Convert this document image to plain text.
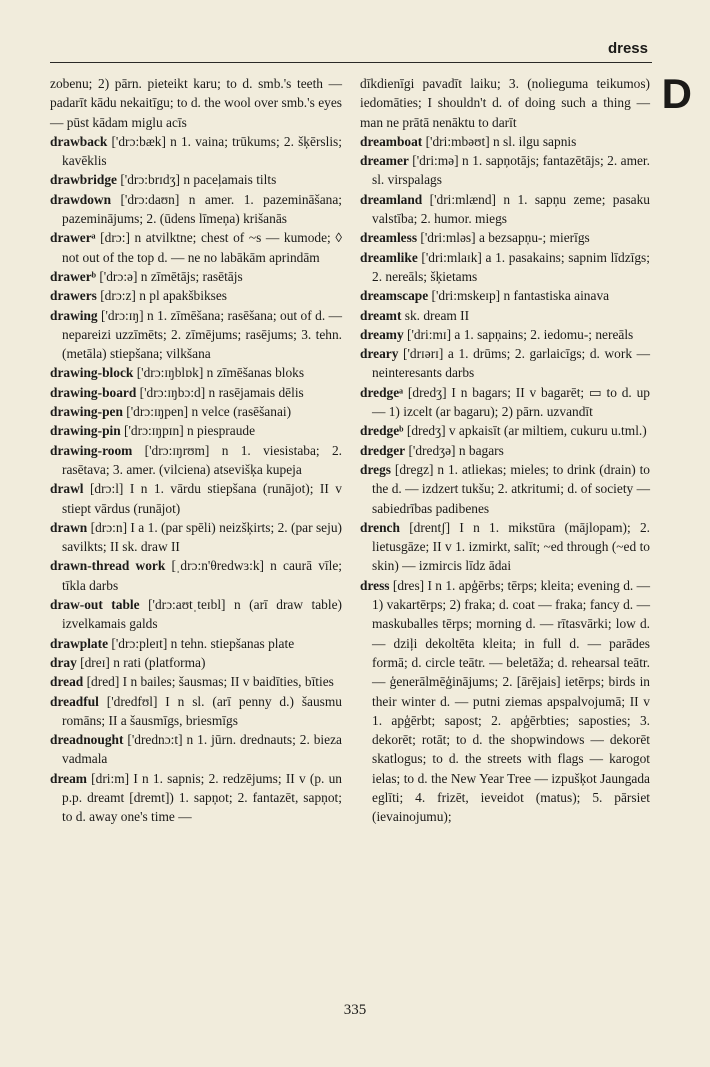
dress
D

zobenu; 2) pārn. pieteikt karu; to d. smb.'s teeth — padarīt kādu nekaitīgu; to d. the wool over smb.'s eyes — pūst kādam miglu acīs

drawback ['drɔ:bæk] n 1. vaina; trūkums; 2. šķērslis; kavēklis

drawbridge ['drɔ:brɪdʒ] n paceļamais tilts

drawdown ['drɔ:daʊn] n amer. 1. pazemināšana; pazeminājums; 2. (ūdens līmeņa) krišanās

drawerᵃ [drɔ:] n atvilktne; chest of ~s — kumode; ◊ not out of the top d. — ne no labākām aprindām

drawerᵇ ['drɔ:ə] n zīmētājs; rasētājs

drawers [drɔ:z] n pl apakšbikses

drawing ['drɔ:ɪŋ] n 1. zīmēšana; rasēšana; out of d. — nepareizi uzzīmēts; 2. zīmējums; rasējums; 3. tehn. (metāla) stiepšana; vilkšana

drawing-block ['drɔ:ɪŋblɒk] n zīmēšanas bloks

drawing-board ['drɔ:ɪŋbɔ:d] n rasējamais dēlis

drawing-pen ['drɔ:ɪŋpen] n velce (rasēšanai)

drawing-pin ['drɔ:ɪŋpɪn] n piespraude

drawing-room ['drɔ:ɪŋrʊm] n 1. viesistaba; 2. rasētava; 3. amer. (vilciena) atsevišķa kupeja

drawl [drɔ:l] I n 1. vārdu stiepšana (runājot); II v stiept vārdus (runājot)

drawn [drɔ:n] I a 1. (par spēli) neizšķirts; 2. (par seju) savilkts; II sk. draw II

drawn-thread work [ˌdrɔ:n'θredwɜ:k] n caurā vīle; tīkla darbs

draw-out table ['drɔ:aʊtˌteɪbl] n (arī draw table) izvelkamais galds

drawplate ['drɔ:pleɪt] n tehn. stiepšanas plate

dray [dreɪ] n rati (platforma)

dread [dred] I n bailes; šausmas; II v baidīties, bīties

dreadful ['dredfʊl] I n sl. (arī penny d.) šausmu romāns; II a šausmīgs, briesmīgs

dreadnought ['drednɔ:t] n 1. jūrn. drednauts; 2. bieza vadmala

dream [dri:m] I n 1. sapnis; 2. redzējums; II v (p. un p.p. dreamt [dremt]) 1. sapņot; 2. fantazēt, sapņot; to d. away one's time —

dīkdienīgi pavadīt laiku; 3. (nolieguma teikumos) iedomāties; I shouldn't d. of doing such a thing — man ne prātā nenāktu to darīt

dreamboat ['dri:mbəʊt] n sl. ilgu sapnis

dreamer ['dri:mə] n 1. sapņotājs; fantazētājs; 2. amer. sl. virspalags

dreamland ['dri:mlænd] n 1. sapņu zeme; pasaku valstība; 2. humor. miegs

dreamless ['dri:mləs] a bezsapņu-; mierīgs

dreamlike ['dri:mlaɪk] a 1. pasakains; sapnim līdzīgs; 2. nereāls; šķietams

dreamscape ['dri:mskeɪp] n fantastiska ainava

dreamt sk. dream II

dreamy ['dri:mɪ] a 1. sapņains; 2. iedomu-; nereāls

dreary ['drɪərɪ] a 1. drūms; 2. garlaicīgs; d. work — neinteresants darbs

dredgeᵃ [dredʒ] I n bagars; II v bagarēt; ▭ to d. up — 1) izcelt (ar bagaru); 2) pārn. uzvandīt

dredgeᵇ [dredʒ] v apkaisīt (ar miltiem, cukuru u.tml.)

dredger ['dredʒə] n bagars

dregs [dregz] n 1. atliekas; mieles; to drink (drain) to the d. — izdzert tukšu; 2. atkritumi; d. of society — sabiedrības padibenes

drench [drentʃ] I n 1. mikstūra (mājlopam); 2. lietusgāze; II v 1. izmirkt, salīt; ~ed through (~ed to skin) — izmircis līdz ādai

dress [dres] I n 1. apģērbs; tērps; kleita; evening d. — 1) vakartērps; 2) fraka; d. coat — fraka; fancy d. — maskuballes tērps; morning d. — rītasvārki; low d. — dziļi dekoltēta kleita; in full d. — parādes formā; d. circle teātr. — beletāža; d. rehearsal teātr. — ģenerālmēģinājums; 2. [ārējais] ietērps; birds in their winter d. — putni ziemas apspalvojumā; II v 1. apģērbt; sapost; 2. apģērbties; saposties; 3. dekorēt; rotāt; to d. the shopwindows — dekorēt skatlogus; to d. the streets with flags — karogot ielas; to d. the New Year Tree — izpušķot Jaungada eglīti; 4. frizēt, ieveidot (matus); 5. pārsiet (ievainojumu);

335
